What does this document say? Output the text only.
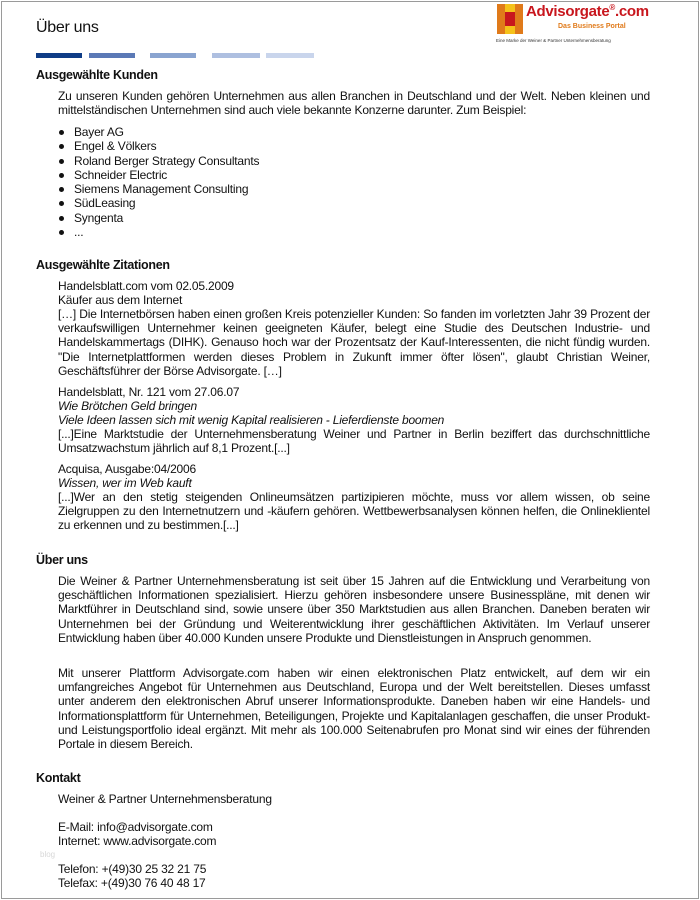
Über uns
Advisorgate®.com
Das Business Portal
Eine Marke der Weiner & Partner Unternehmensberatung
Ausgewählte Kunden
Zu unseren Kunden gehören Unternehmen aus allen Branchen in Deutschland und der Welt. Neben kleinen und mittelständischen Unternehmen sind auch viele bekannte Konzerne darunter. Zum Beispiel:
Bayer AG
Engel & Völkers
Roland Berger Strategy Consultants
Schneider Electric
Siemens Management Consulting
SüdLeasing
Syngenta
...
Ausgewählte Zitationen
Handelsblatt.com vom 02.05.2009
Käufer aus dem Internet
[…] Die Internetbörsen haben einen großen Kreis potenzieller Kunden: So fanden im vorletzten Jahr 39 Prozent der verkaufswilligen Unternehmer keinen geeigneten Käufer, belegt eine Studie des Deutschen Industrie- und Handelskammertags (DIHK). Genauso hoch war der Prozentsatz der Kauf-Interessenten, die nicht fündig wurden. "Die Internetplattformen werden dieses Problem in Zukunft immer öfter lösen", glaubt Christian Weiner, Geschäftsführer der Börse Advisorgate. […]
Handelsblatt, Nr. 121 vom 27.06.07
Wie Brötchen Geld bringen
Viele Ideen lassen sich mit wenig Kapital realisieren - Lieferdienste boomen
[...]Eine Marktstudie der Unternehmensberatung Weiner und Partner in Berlin beziffert das durchschnittliche Umsatzwachstum jährlich auf 8,1 Prozent.[...]
Acquisa, Ausgabe:04/2006
Wissen, wer im Web kauft
[...]Wer an den stetig steigenden Onlineumsätzen partizipieren möchte, muss vor allem wissen, ob seine Zielgruppen zu den Internetnutzern und -käufern gehören. Wettbewerbsanalysen können helfen, die Onlineklientel zu erkennen und zu bestimmen.[...]
Über uns
Die Weiner & Partner Unternehmensberatung ist seit über 15 Jahren auf die Entwicklung und Verarbeitung von geschäftlichen Informationen spezialisiert. Hierzu gehören insbesondere unsere Businesspläne, mit denen wir Marktführer in Deutschland sind, sowie unsere über 350 Marktstudien aus allen Branchen. Daneben beraten wir Unternehmen bei der Gründung und Weiterentwicklung ihrer geschäftlichen Aktivitäten. Im Verlauf unserer Entwicklung haben über 40.000 Kunden unsere Produkte und Dienstleistungen in Anspruch genommen.
Mit unserer Plattform Advisorgate.com haben wir einen elektronischen Platz entwickelt, auf dem wir ein umfangreiches Angebot für Unternehmen aus Deutschland, Europa und der Welt bereitstellen. Dieses umfasst unter anderem den elektronischen Abruf unserer Informationsprodukte. Daneben haben wir eine Handels- und Informationsplattform für Unternehmen, Beteiligungen, Projekte und Kapitalanlagen geschaffen, die unser Produkt- und Leistungsportfolio ideal ergänzt. Mit mehr als 100.000 Seitenabrufen pro Monat sind wir eines der führenden Portale in diesem Bereich.
Kontakt
Weiner & Partner Unternehmensberatung
E-Mail: info@advisorgate.com
Internet: www.advisorgate.com
blog
Telefon: +(49)30 25 32 21 75
Telefax: +(49)30 76 40 48 17
